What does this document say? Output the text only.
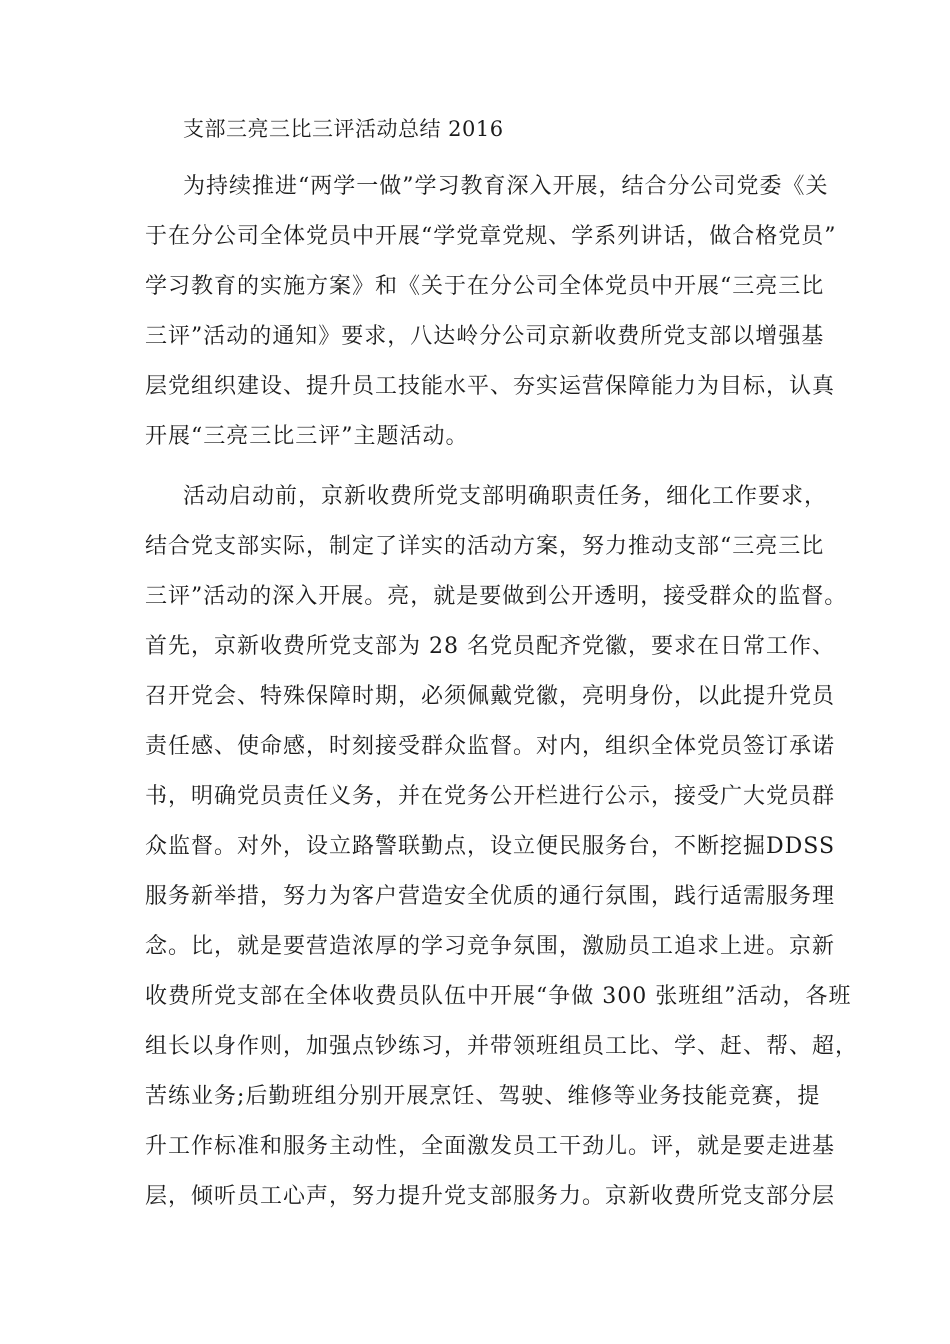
支部三亮三比三评活动总结 2016
为持续推进“两学一做”学习教育深入开展，结合分公司党委《关
于在分公司全体党员中开展“学党章党规、学系列讲话，做合格党员”
学习教育的实施方案》和《关于在分公司全体党员中开展“三亮三比
三评”活动的通知》要求，八达岭分公司京新收费所党支部以增强基
层党组织建设、提升员工技能水平、夯实运营保障能力为目标，认真
开展“三亮三比三评”主题活动。
活动启动前，京新收费所党支部明确职责任务，细化工作要求，
结合党支部实际，制定了详实的活动方案，努力推动支部“三亮三比
三评”活动的深入开展。亮，就是要做到公开透明，接受群众的监督。
首先，京新收费所党支部为 28 名党员配齐党徽，要求在日常工作、
召开党会、特殊保障时期，必须佩戴党徽，亮明身份，以此提升党员
责任感、使命感，时刻接受群众监督。对内，组织全体党员签订承诺
书，明确党员责任义务，并在党务公开栏进行公示，接受广大党员群
众监督。对外，设立路警联勤点，设立便民服务台，不断挖掘DDSS
服务新举措，努力为客户营造安全优质的通行氛围，践行适需服务理
念。比，就是要营造浓厚的学习竞争氛围，激励员工追求上进。京新
收费所党支部在全体收费员队伍中开展“争做 300 张班组”活动，各班
组长以身作则，加强点钞练习，并带领班组员工比、学、赶、帮、超，
苦练业务;后勤班组分别开展烹饪、驾驶、维修等业务技能竞赛，提
升工作标准和服务主动性，全面激发员工干劲儿。评，就是要走进基
层，倾听员工心声，努力提升党支部服务力。京新收费所党支部分层
